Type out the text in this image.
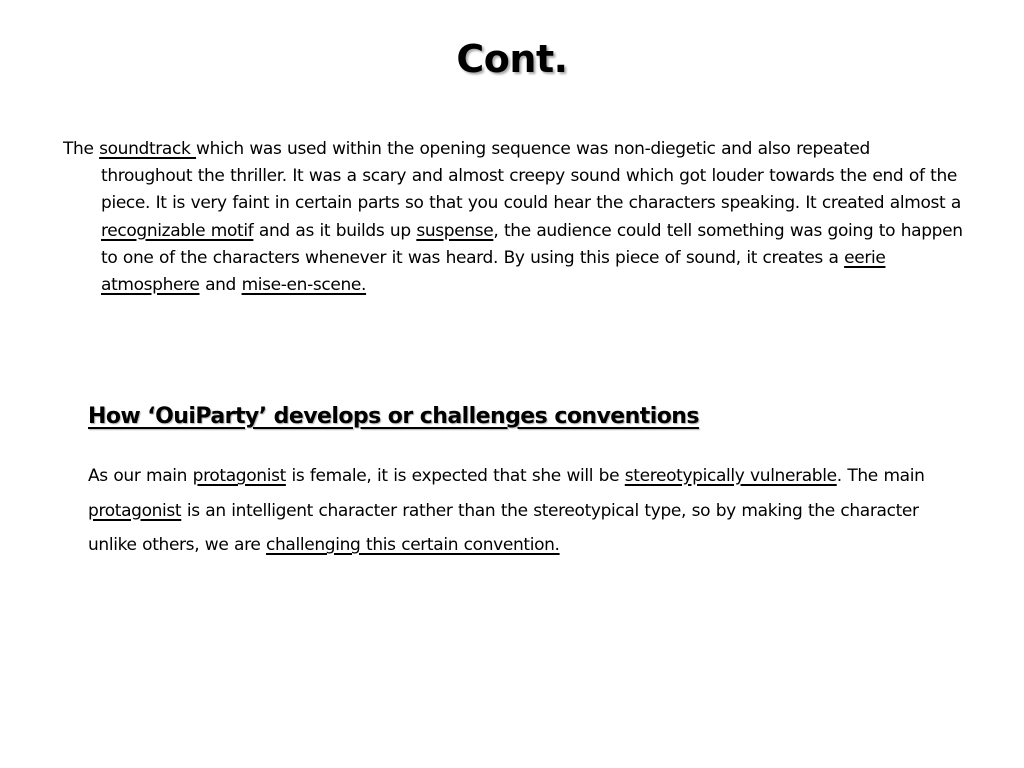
Cont.

The soundtrack which was used within the opening sequence was non-diegetic and also repeated throughout the thriller. It was a scary and almost creepy sound which got louder towards the end of the piece. It is very faint in certain parts so that you could hear the characters speaking. It created almost a recognizable motif and as it builds up suspense, the audience could tell something was going to happen to one of the characters whenever it was heard. By using this piece of sound, it creates a eerie atmosphere and mise-en-scene.

How ‘OuiParty’ develops or challenges conventions

As our main protagonist is female, it is expected that she will be stereotypically vulnerable. The main protagonist is an intelligent character rather than the stereotypical type, so by making the character unlike others, we are challenging this certain convention.
